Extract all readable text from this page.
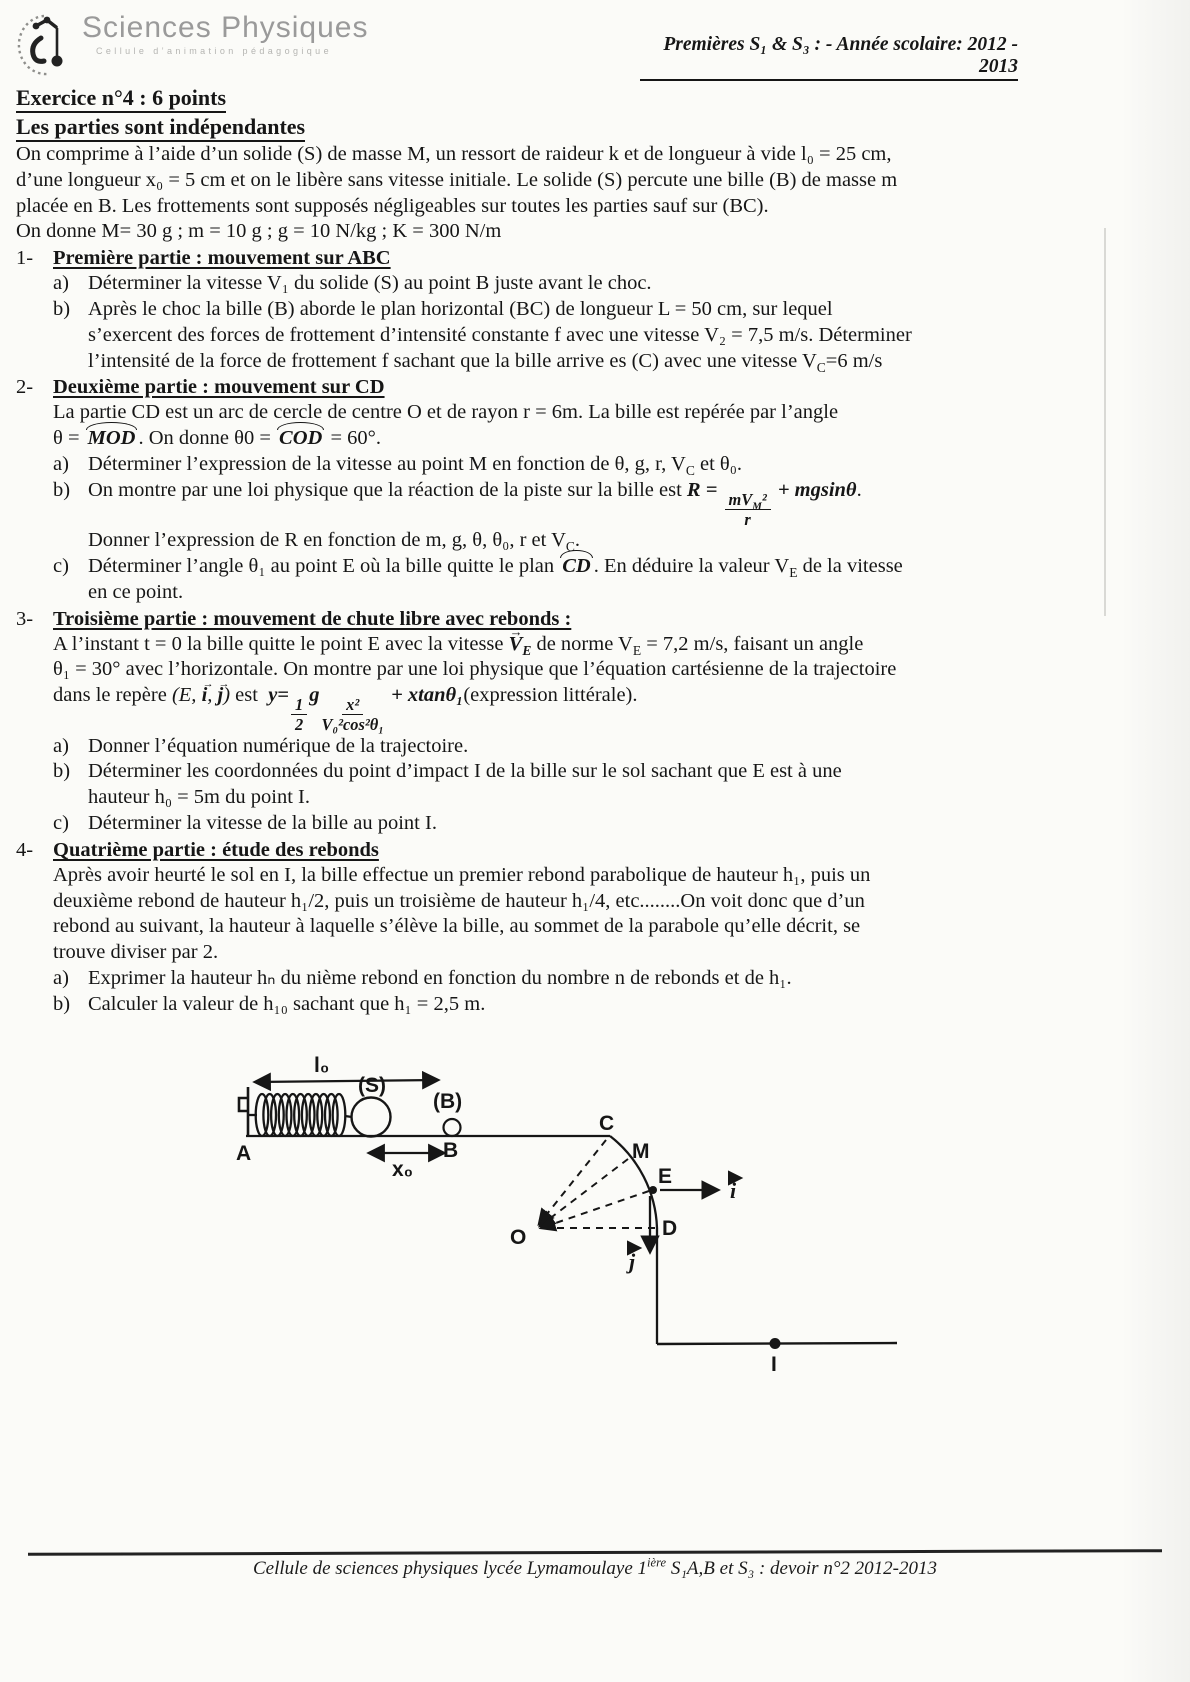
Sciences Physiques
Cellule d’animation pédagogique	Premières S₁ & S₃ : - Année scolaire: 2012 - 2013
Exercice n°4 : 6 points
Les parties sont indépendantes
On comprime à l’aide d’un solide (S) de masse M, un ressort de raideur k et de longueur à vide l₀ = 25 cm,
d’une longueur x₀ = 5 cm et on le libère sans vitesse initiale. Le solide (S) percute une bille (B) de masse m
placée en B. Les frottements sont supposés négligeables sur toutes les parties sauf sur (BC).
On donne M= 30 g ; m = 10 g ; g = 10 N/kg ; K = 300 N/m
1- Première partie : mouvement sur ABC
a) Déterminer la vitesse V₁ du solide (S) au point B juste avant le choc.
b) Après le choc la bille (B) aborde le plan horizontal (BC) de longueur L = 50 cm, sur lequel
s’exercent des forces de frottement d’intensité constante f avec une vitesse V₂ = 7,5 m/s. Déterminer
l’intensité de la force de frottement f sachant que la bille arrive es (C) avec une vitesse $V_C=6$ m/s
2- Deuxième partie : mouvement sur CD
La partie CD est un arc de cercle de centre O et de rayon r = 6m. La bille est repérée par l’angle
θ = MOD . On donne θ0 = COD = 60°.
a) Déterminer l’expression de la vitesse au point M en fonction de θ, g, r, $V_C$ et θ₀.
b) On montre par une loi physique que la réaction de la piste sur la bille est R =
$\frac{mV_M^2}{r}$
+ mgsinθ.
Donner l’expression de R en fonction de m, g, θ, θ₀, r et $V_C$.
c) Déterminer l’angle θ₁ au point E où la bille quitte le plan CD . En déduire la valeur $V_E$ de la vitesse
en ce point.
3- Troisième partie : mouvement de chute libre avec rebonds :
A l’instant t = 0 la bille quitte le point E avec la vitesse → $V_E$ de norme $V_E = 7,2$ m/s, faisant un angle
θ₁ = 30° avec l’horizontale. On montre par une loi physique que l’équation cartésienne de la trajectoire
dans le repère (E, → i, → j) est  y=
$\frac{1}{2}$
g
$\frac{\text{x²}}{\text{V₀²cos²θ₁}}$
+ xtanθ₁(expression littérale).
a) Donner l’équation numérique de la trajectoire.
b) Déterminer les coordonnées du point d’impact I de la bille sur le sol sachant que E est à une
hauteur h₀ = 5m du point I.
c) Déterminer la vitesse de la bille au point I.
4- Quatrième partie : étude des rebonds
Après avoir heurté le sol en I, la bille effectue un premier rebond parabolique de hauteur h₁, puis un
deuxième rebond de hauteur h₁/2, puis un troisième de hauteur h₁/4, etc........On voit donc que d’un
rebond au suivant, la hauteur à laquelle s’élève la bille, au sommet de la parabole qu’elle décrit, se
trouve diviser par 2.
a) Exprimer la hauteur hₙ du nième rebond en fonction du nombre n de rebonds et de h₁.
b) Calculer la valeur de h₁₀ sachant que h₁ = 2,5 m.
l₀
(S)
(B)
A	B
x₀
C
M
E
D
O
i
j
I
Cellule de sciences physiques lycée Lymamoulaye $1^{ière}$ S₁A,B et S₃ : devoir n°2 2012-2013
